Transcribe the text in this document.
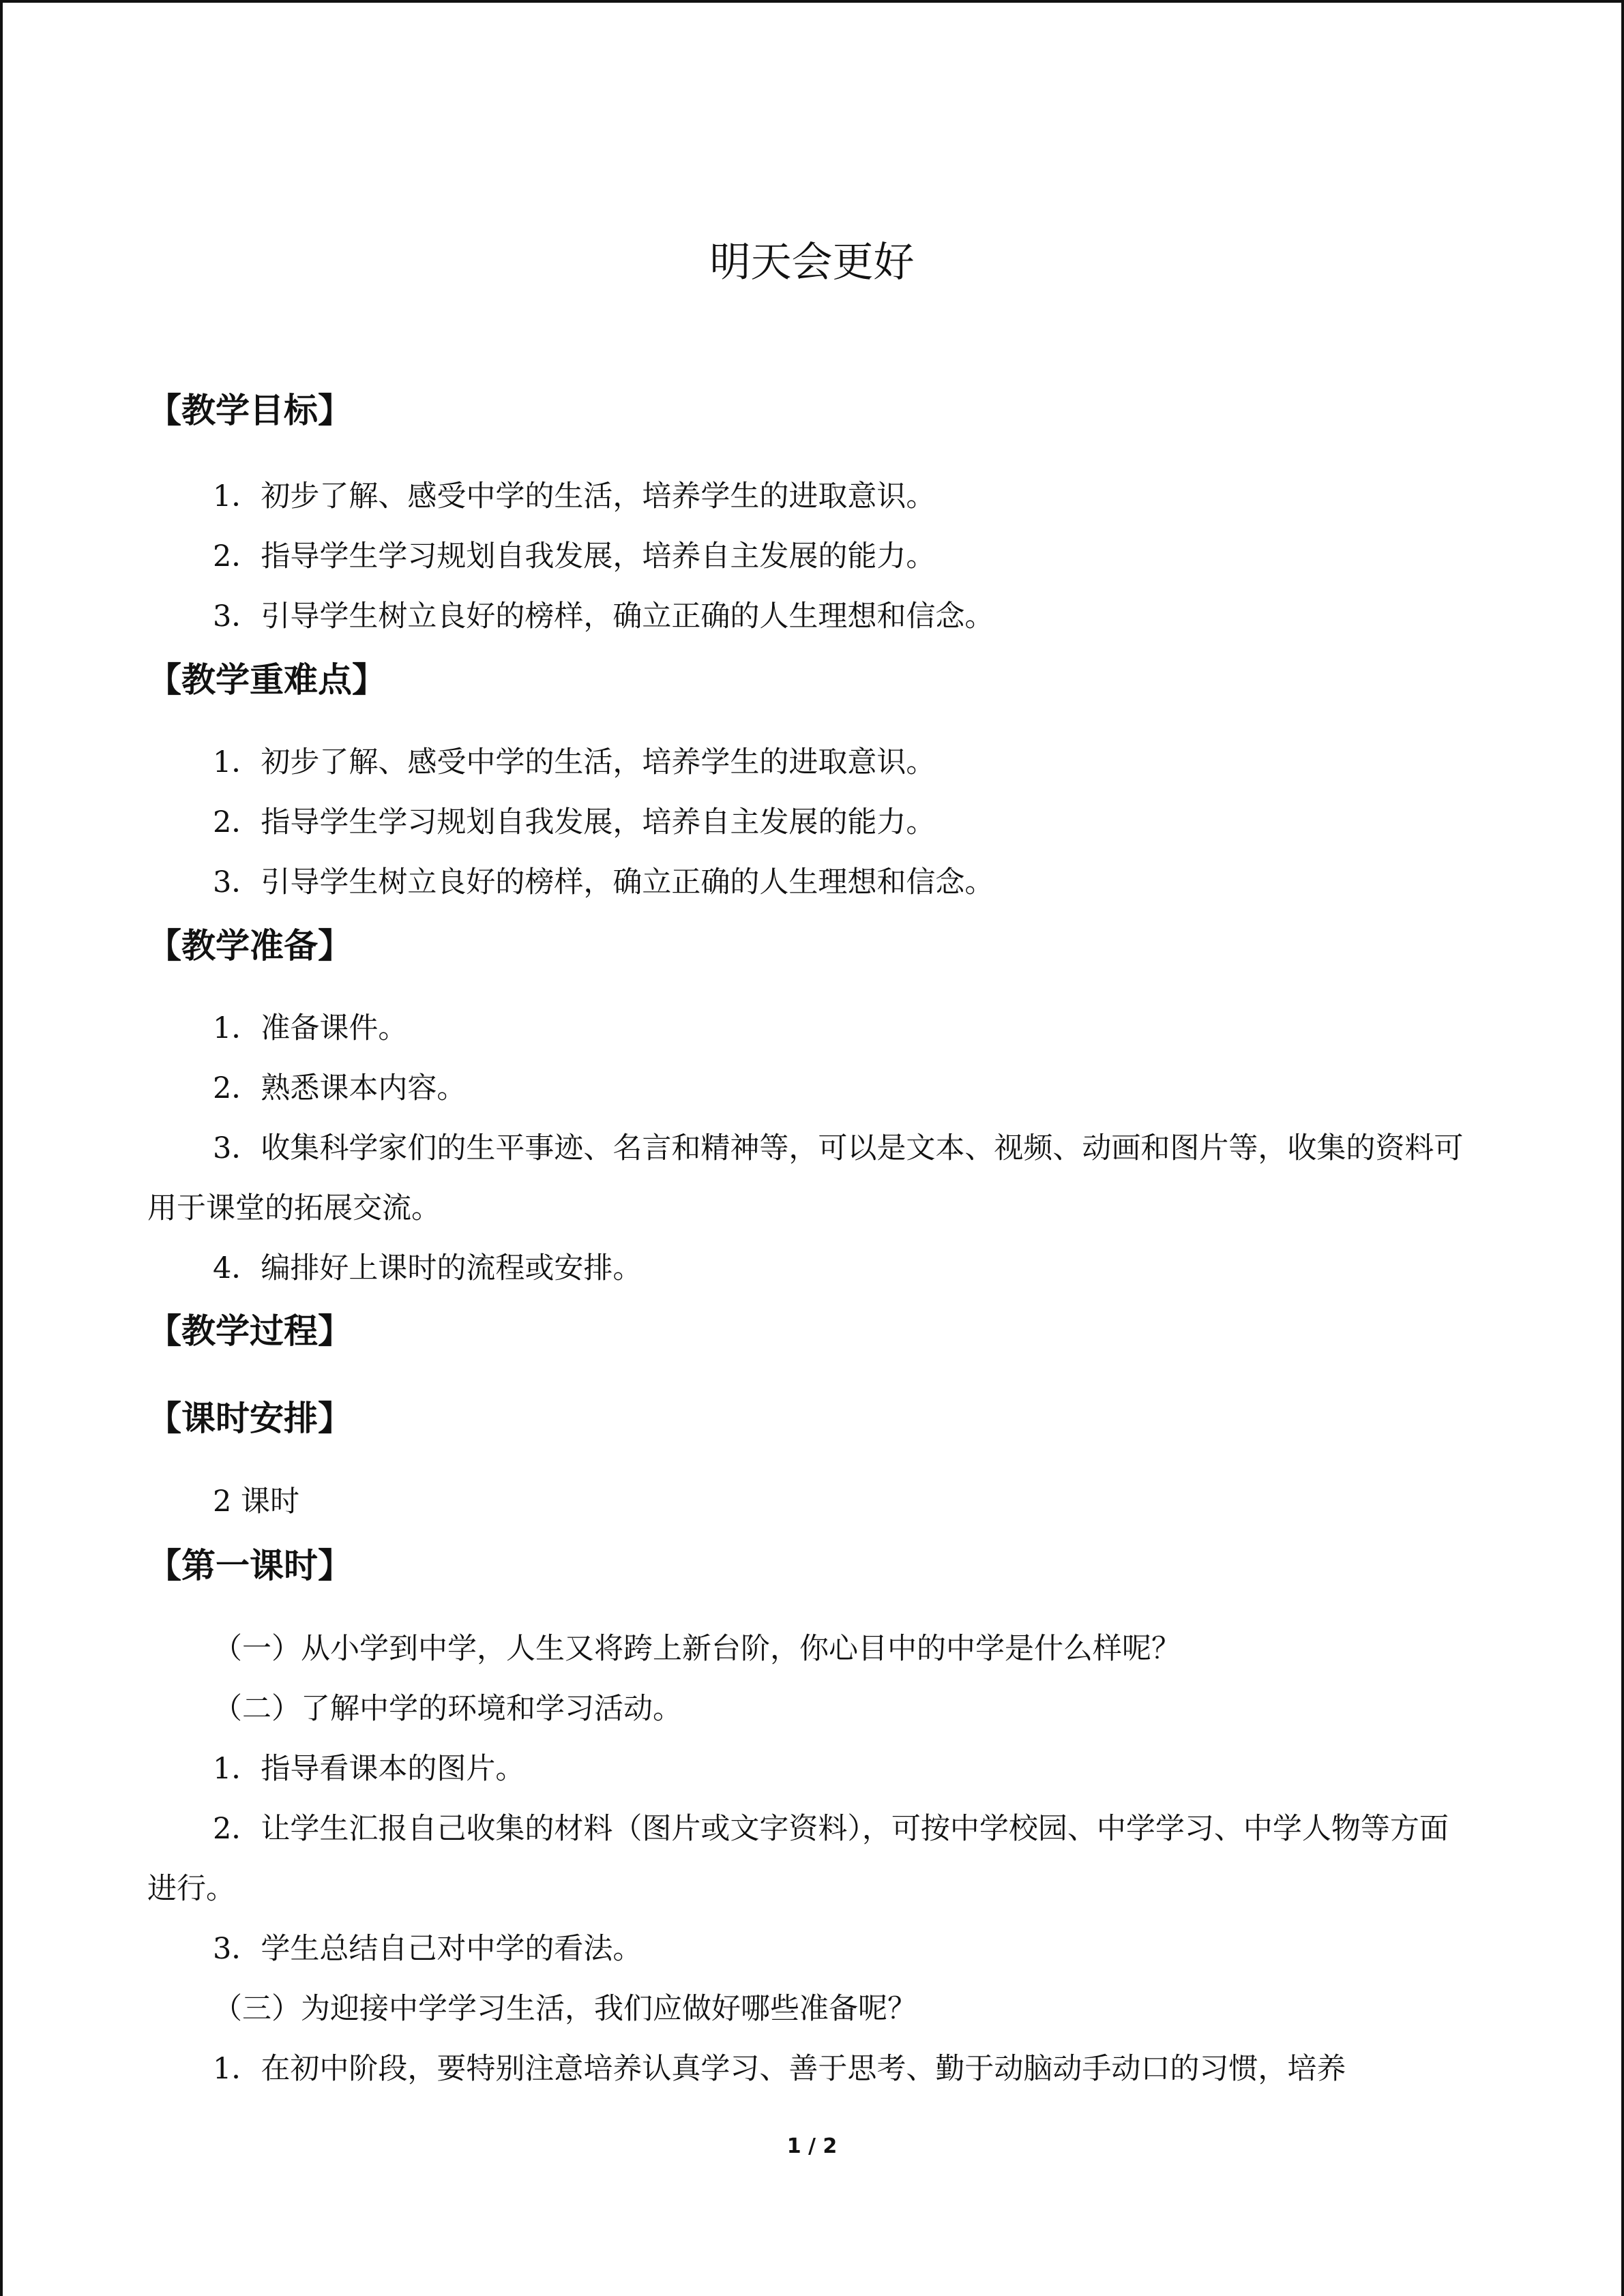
明天会更好
【教学目标】
1．初步了解、感受中学的生活，培养学生的进取意识。
2．指导学生学习规划自我发展，培养自主发展的能力。
3．引导学生树立良好的榜样，确立正确的人生理想和信念。
【教学重难点】
1．初步了解、感受中学的生活，培养学生的进取意识。
2．指导学生学习规划自我发展，培养自主发展的能力。
3．引导学生树立良好的榜样，确立正确的人生理想和信念。
【教学准备】
1．准备课件。
2．熟悉课本内容。
3．收集科学家们的生平事迹、名言和精神等，可以是文本、视频、动画和图片等，收集的资料可用于课堂的拓展交流。
4．编排好上课时的流程或安排。
【教学过程】
【课时安排】
2 课时
【第一课时】
（一）从小学到中学，人生又将跨上新台阶，你心目中的中学是什么样呢？
（二）了解中学的环境和学习活动。
1．指导看课本的图片。
2．让学生汇报自己收集的材料（图片或文字资料），可按中学校园、中学学习、中学人物等方面进行。
3．学生总结自己对中学的看法。
（三）为迎接中学学习生活，我们应做好哪些准备呢？
1．在初中阶段，要特别注意培养认真学习、善于思考、勤于动脑动手动口的习惯，培养
1 / 2
